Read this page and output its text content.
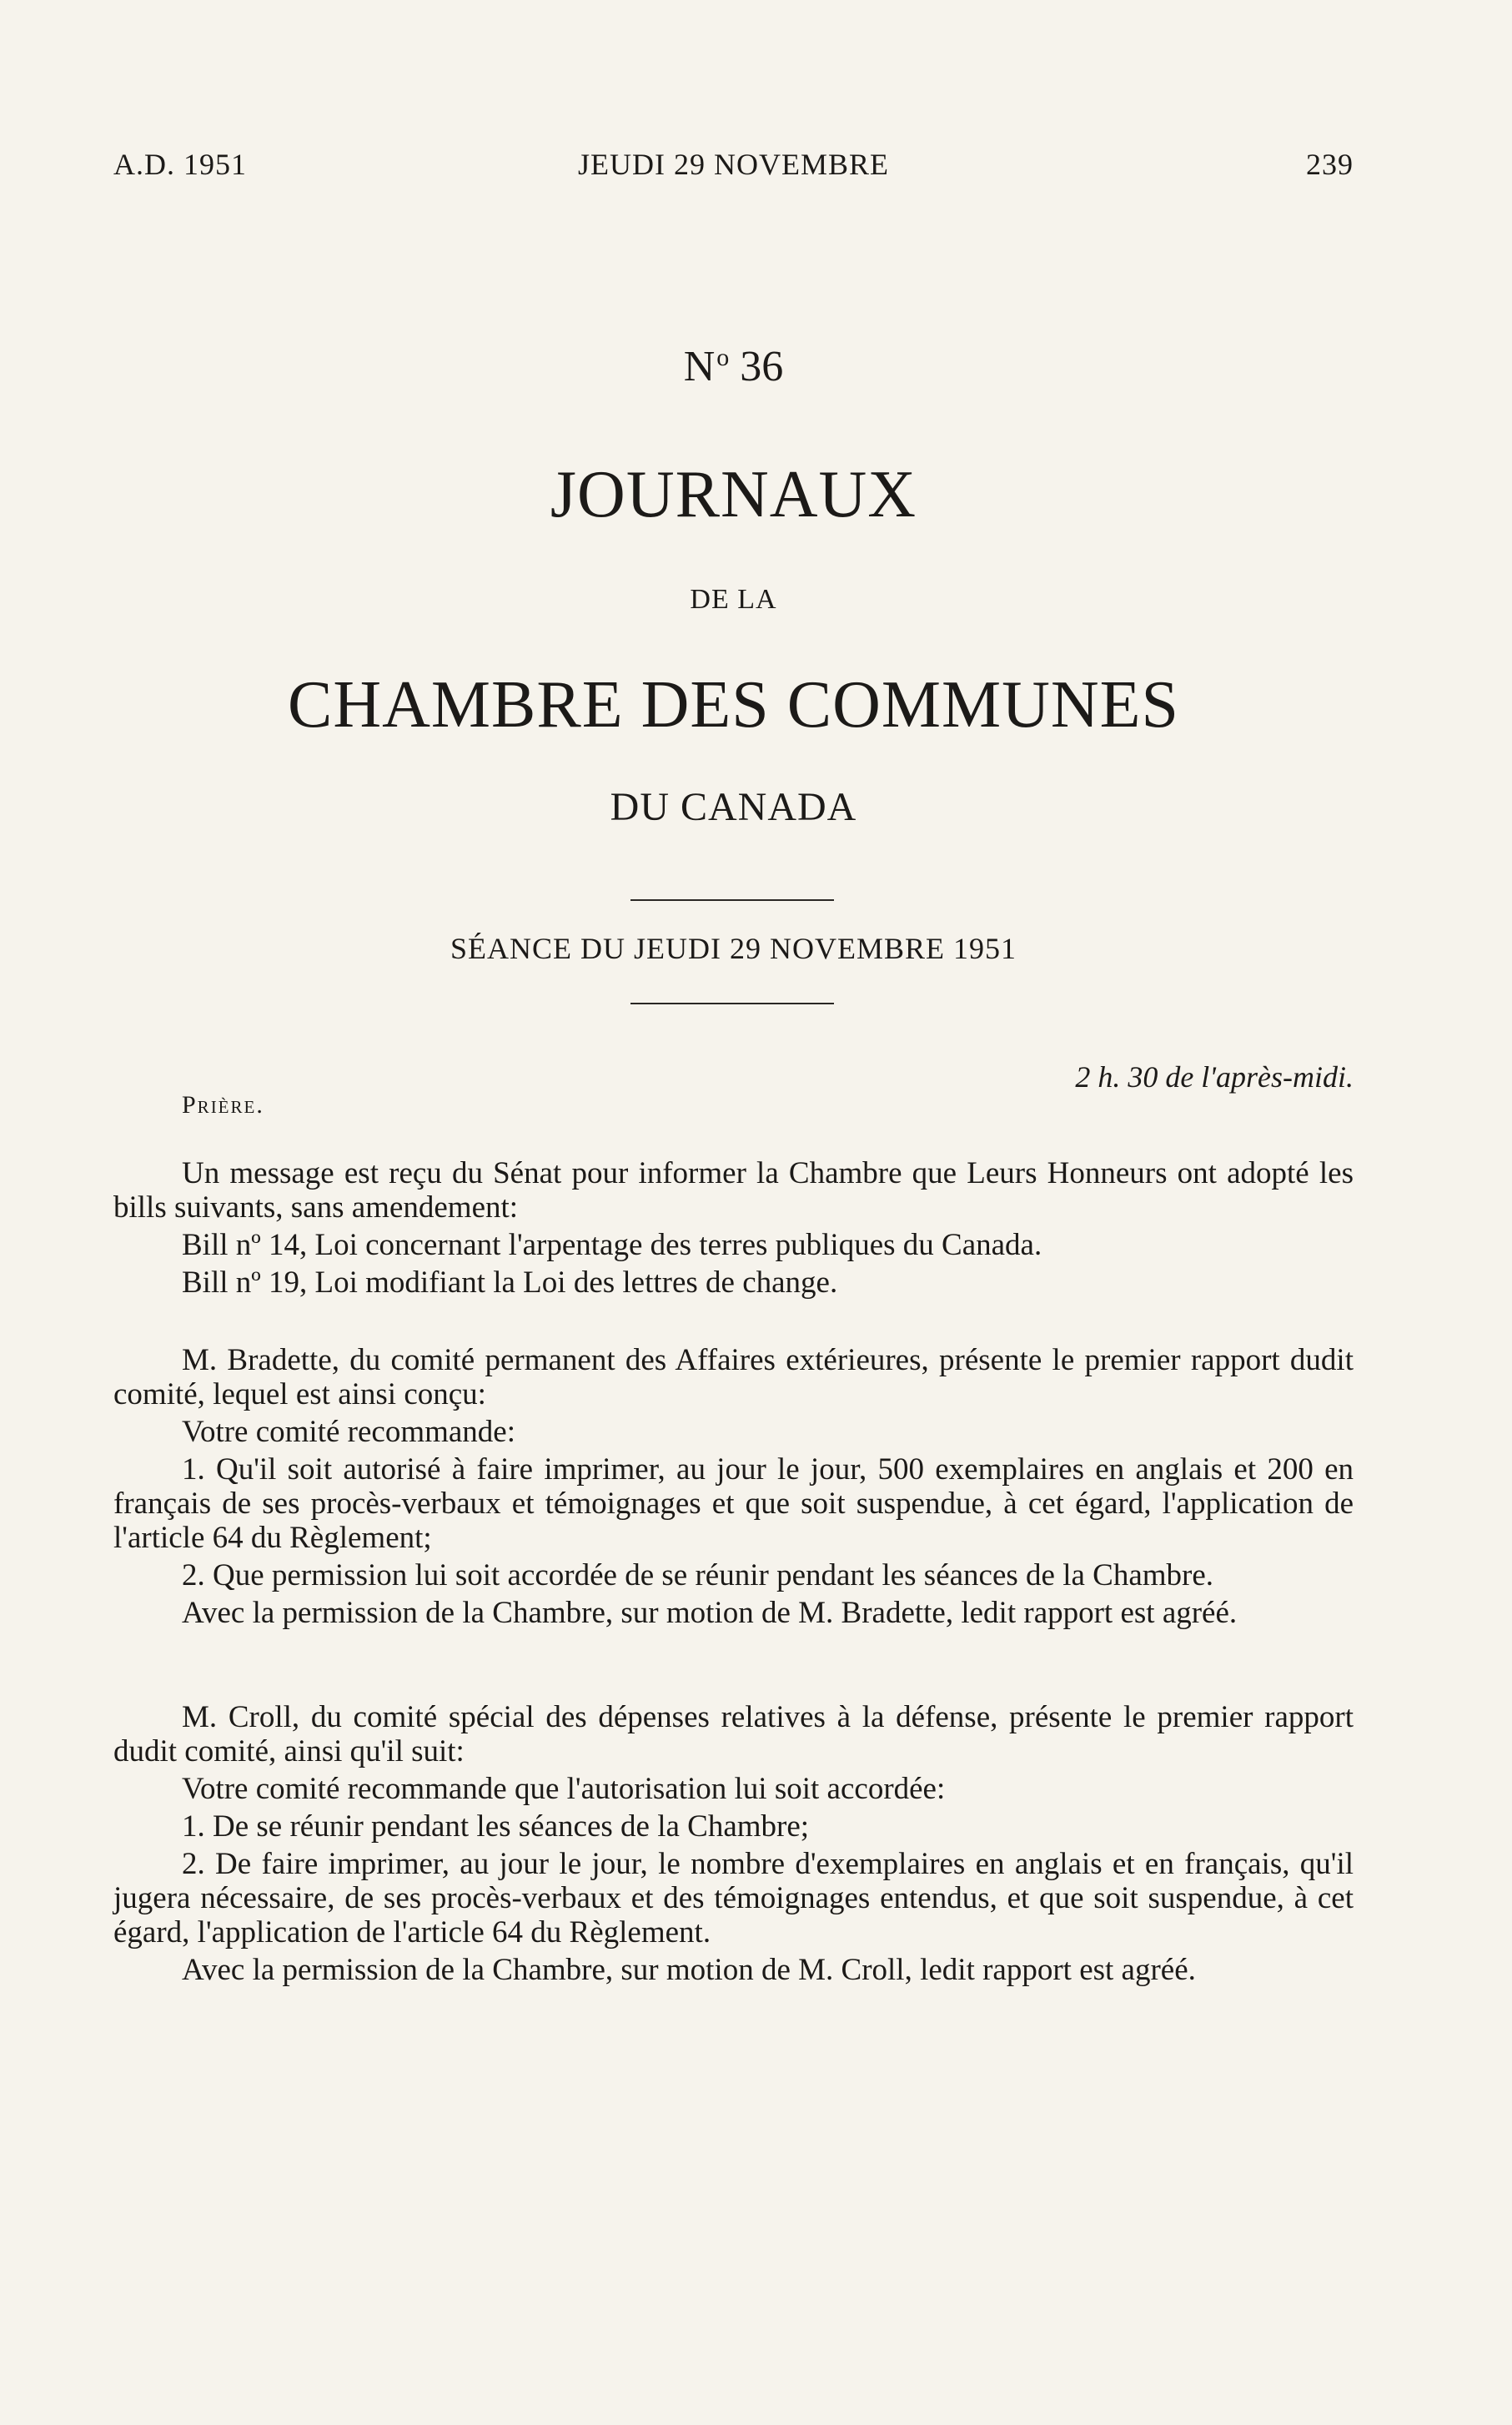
A.D. 1951	JEUDI 29 NOVEMBRE	239
$N^o$ 36
JOURNAUX
DE LA
CHAMBRE DES COMMUNES
DU CANADA
SÉANCE DU JEUDI 29 NOVEMBRE 1951
2 h. 30 de l'après-midi.
Prière.

Un message est reçu du Sénat pour informer la Chambre que Leurs Honneurs ont adopté les bills suivants, sans amendement:

Bill nº 14, Loi concernant l'arpentage des terres publiques du Canada.

Bill nº 19, Loi modifiant la Loi des lettres de change.

M. Bradette, du comité permanent des Affaires extérieures, présente le premier rapport dudit comité, lequel est ainsi conçu:

Votre comité recommande:

1. Qu'il soit autorisé à faire imprimer, au jour le jour, 500 exemplaires en anglais et 200 en français de ses procès-verbaux et témoignages et que soit suspendue, à cet égard, l'application de l'article 64 du Règlement;

2. Que permission lui soit accordée de se réunir pendant les séances de la Chambre.

Avec la permission de la Chambre, sur motion de M. Bradette, ledit rapport est agréé.

M. Croll, du comité spécial des dépenses relatives à la défense, présente le premier rapport dudit comité, ainsi qu'il suit:

Votre comité recommande que l'autorisation lui soit accordée:

1. De se réunir pendant les séances de la Chambre;

2. De faire imprimer, au jour le jour, le nombre d'exemplaires en anglais et en français, qu'il jugera nécessaire, de ses procès-verbaux et des témoignages entendus, et que soit suspendue, à cet égard, l'application de l'article 64 du Règlement.

Avec la permission de la Chambre, sur motion de M. Croll, ledit rapport est agréé.
